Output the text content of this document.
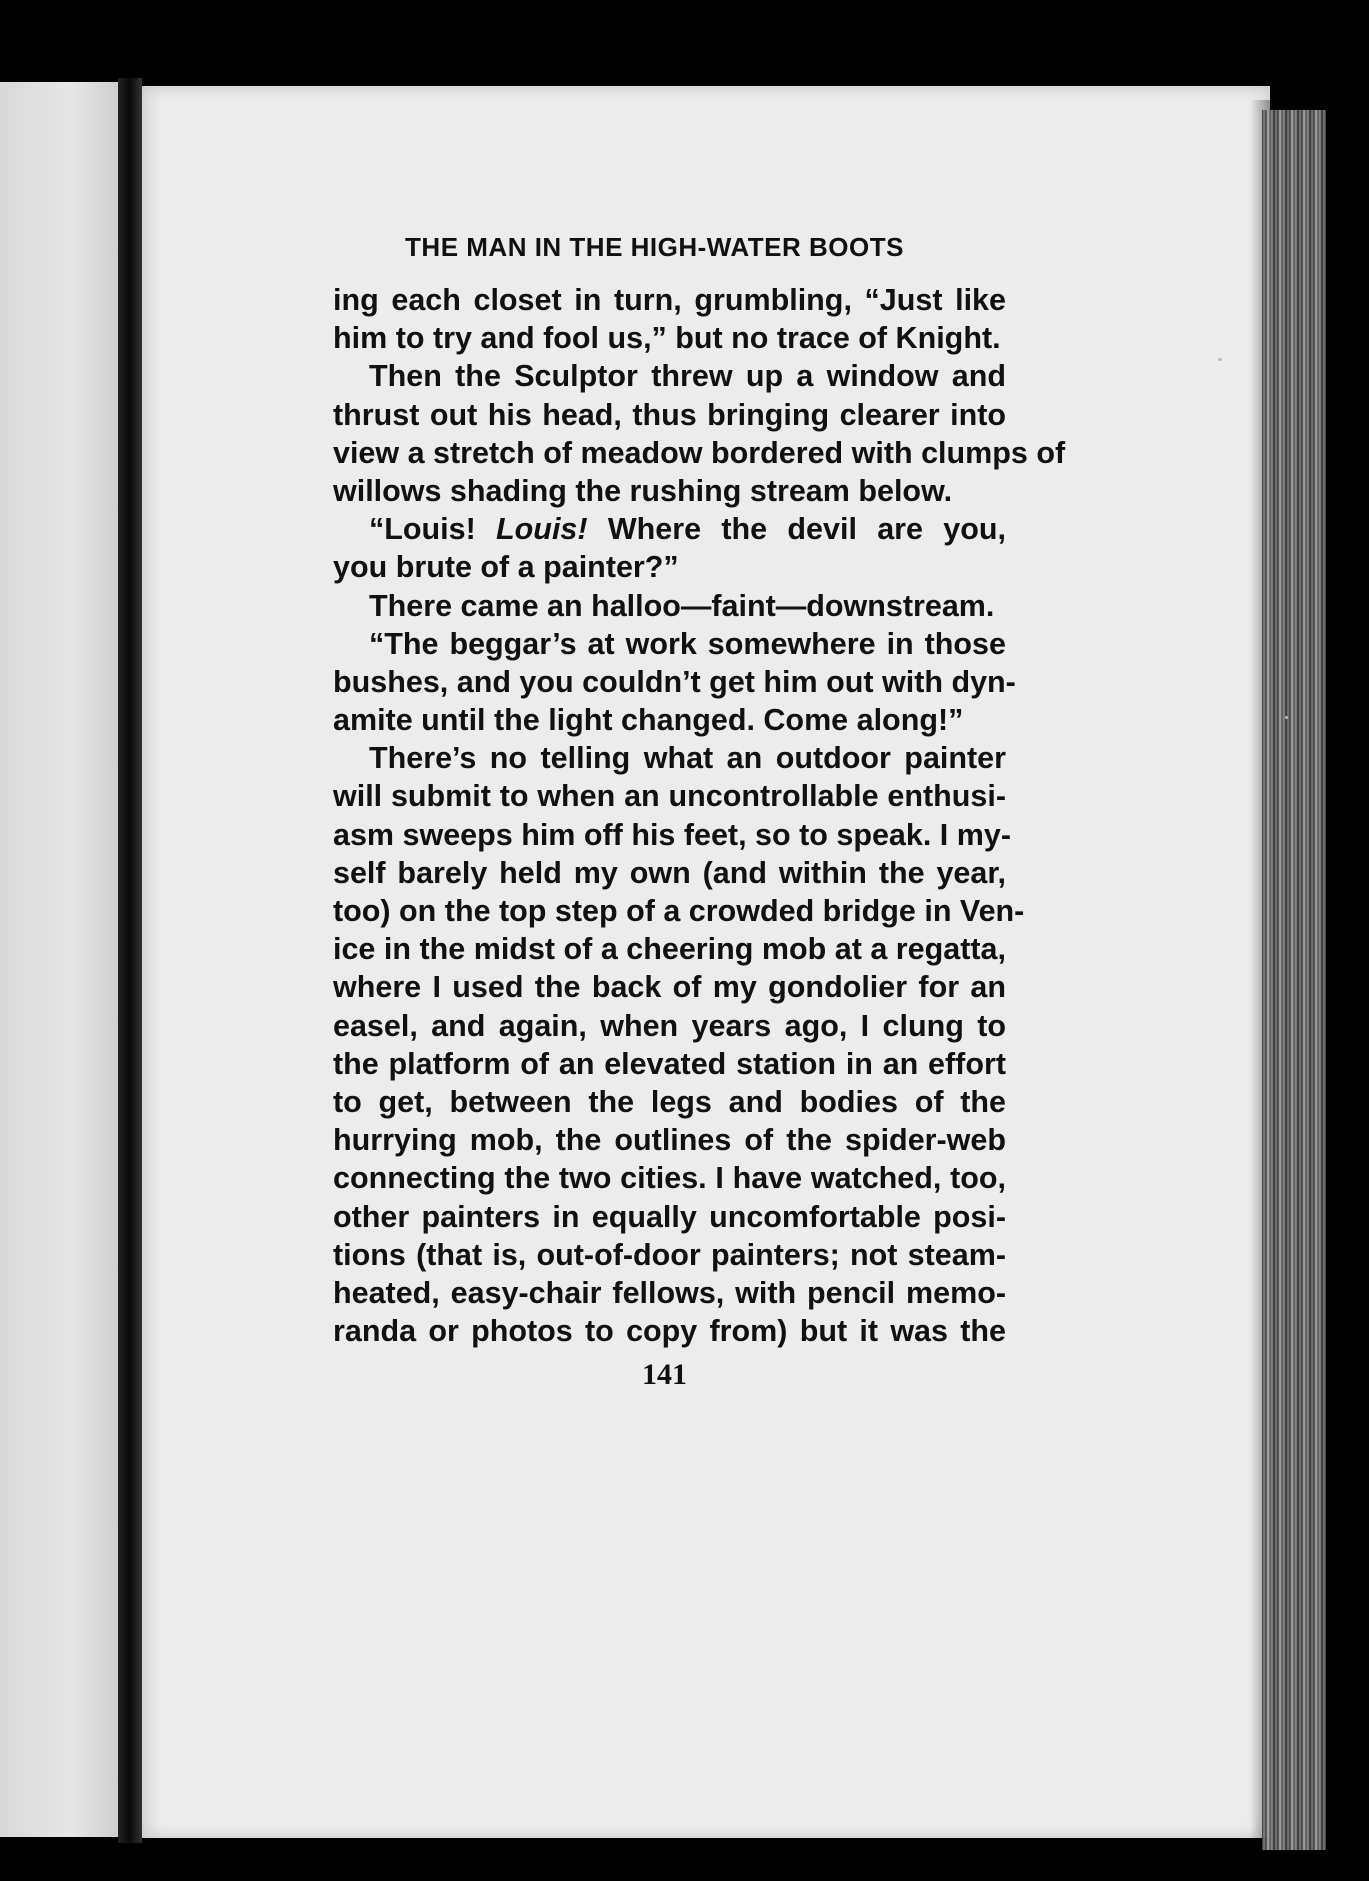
THE MAN IN THE HIGH-WATER BOOTS
ing each closet in turn, grumbling, “Just like
him to try and fool us,” but no trace of Knight.
Then the Sculptor threw up a window and
thrust out his head, thus bringing clearer into
view a stretch of meadow bordered with clumps of
willows shading the rushing stream below.
“Louis! Louis! Where the devil are you,
you brute of a painter?”
There came an halloo—faint—downstream.
“The beggar’s at work somewhere in those
bushes, and you couldn’t get him out with dyn-
amite until the light changed. Come along!”
There’s no telling what an outdoor painter
will submit to when an uncontrollable enthusi-
asm sweeps him off his feet, so to speak. I my-
self barely held my own (and within the year,
too) on the top step of a crowded bridge in Ven-
ice in the midst of a cheering mob at a regatta,
where I used the back of my gondolier for an
easel, and again, when years ago, I clung to
the platform of an elevated station in an effort
to get, between the legs and bodies of the
hurrying mob, the outlines of the spider-web
connecting the two cities. I have watched, too,
other painters in equally uncomfortable posi-
tions (that is, out-of-door painters; not steam-
heated, easy-chair fellows, with pencil memo-
randa or photos to copy from) but it was the
141
